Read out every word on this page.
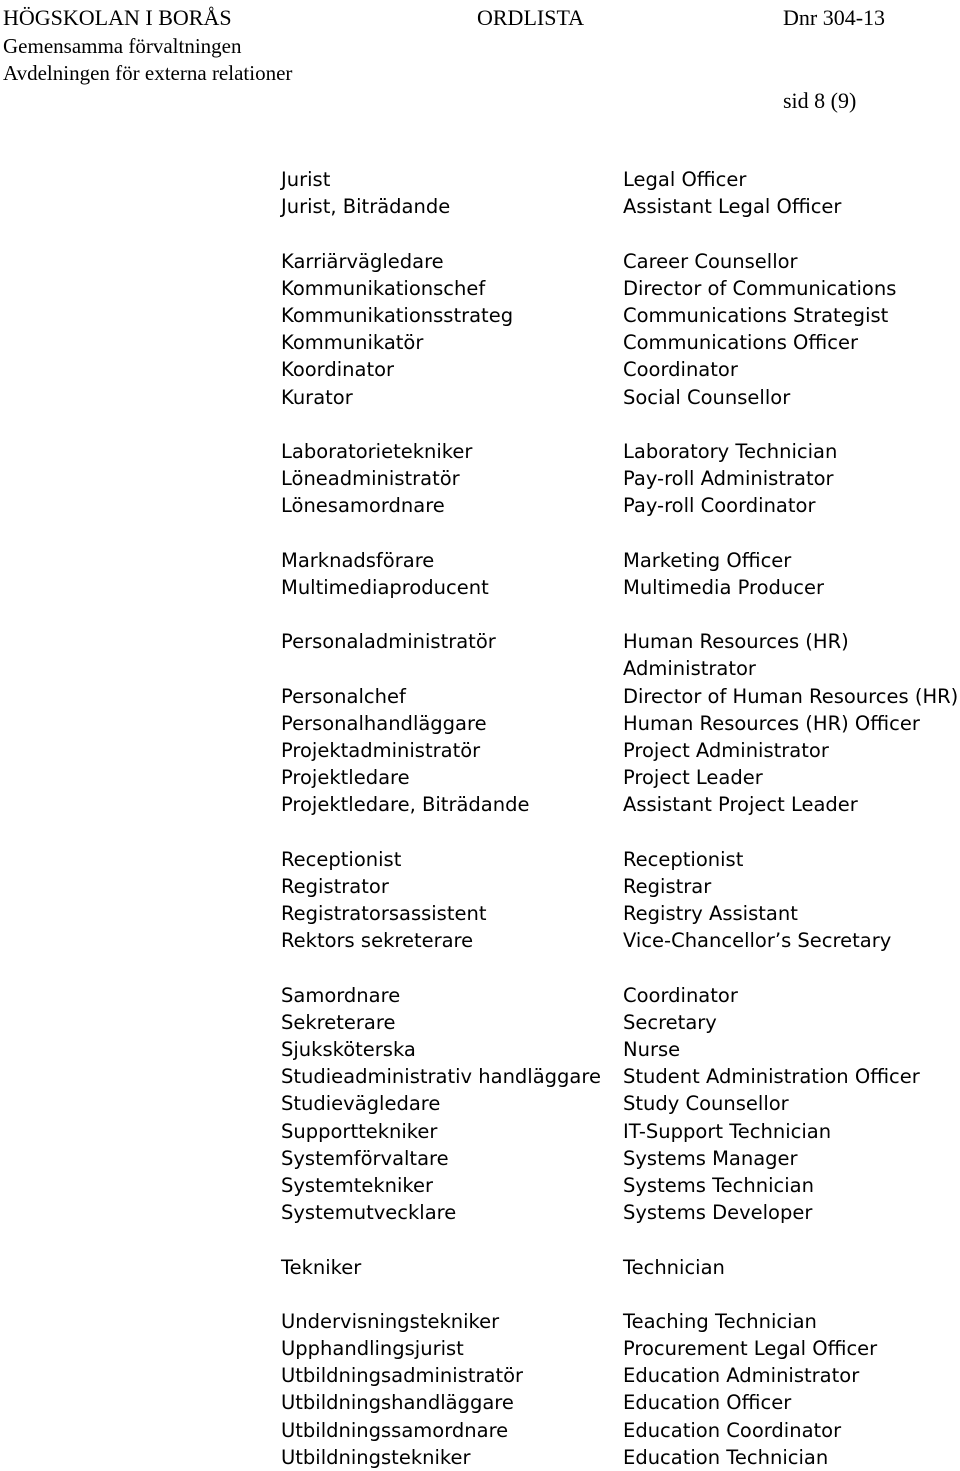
HÖGSKOLAN I BORÅS	ORDLISTA	Dnr 304-13
Gemensamma förvaltningen
Avdelningen för externa relationer
sid 8 (9)
Jurist
Jurist, Biträdande
Karriärvägledare
Kommunikationschef
Kommunikationsstrateg
Kommunikatör
Koordinator
Kurator
Laboratorietekniker
Löneadministratör
Lönesamordnare
Marknadsförare
Multimediaproducent
Personaladministratör
Personalchef
Personalhandläggare
Projektadministratör
Projektledare
Projektledare, Biträdande
Receptionist
Registrator
Registratorsassistent
Rektors sekreterare
Samordnare
Sekreterare
Sjuksköterska
Studieadministrativ handläggare
Studievägledare
Supporttekniker
Systemförvaltare
Systemtekniker
Systemutvecklare
Tekniker
Undervisningstekniker
Upphandlingsjurist
Utbildningsadministratör
Utbildningshandläggare
Utbildningssamordnare
Utbildningstekniker
Legal Officer
Assistant Legal Officer
Career Counsellor
Director of Communications
Communications Strategist
Communications Officer
Coordinator
Social Counsellor
Laboratory Technician
Pay-roll Administrator
Pay-roll Coordinator
Marketing Officer
Multimedia Producer
Human Resources (HR)
Administrator
Director of Human Resources (HR)
Human Resources (HR) Officer
Project Administrator
Project Leader
Assistant Project Leader
Receptionist
Registrar
Registry Assistant
Vice-Chancellor’s Secretary
Coordinator
Secretary
Nurse
Student Administration Officer
Study Counsellor
IT-Support Technician
Systems Manager
Systems Technician
Systems Developer
Technician
Teaching Technician
Procurement Legal Officer
Education Administrator
Education Officer
Education Coordinator
Education Technician
